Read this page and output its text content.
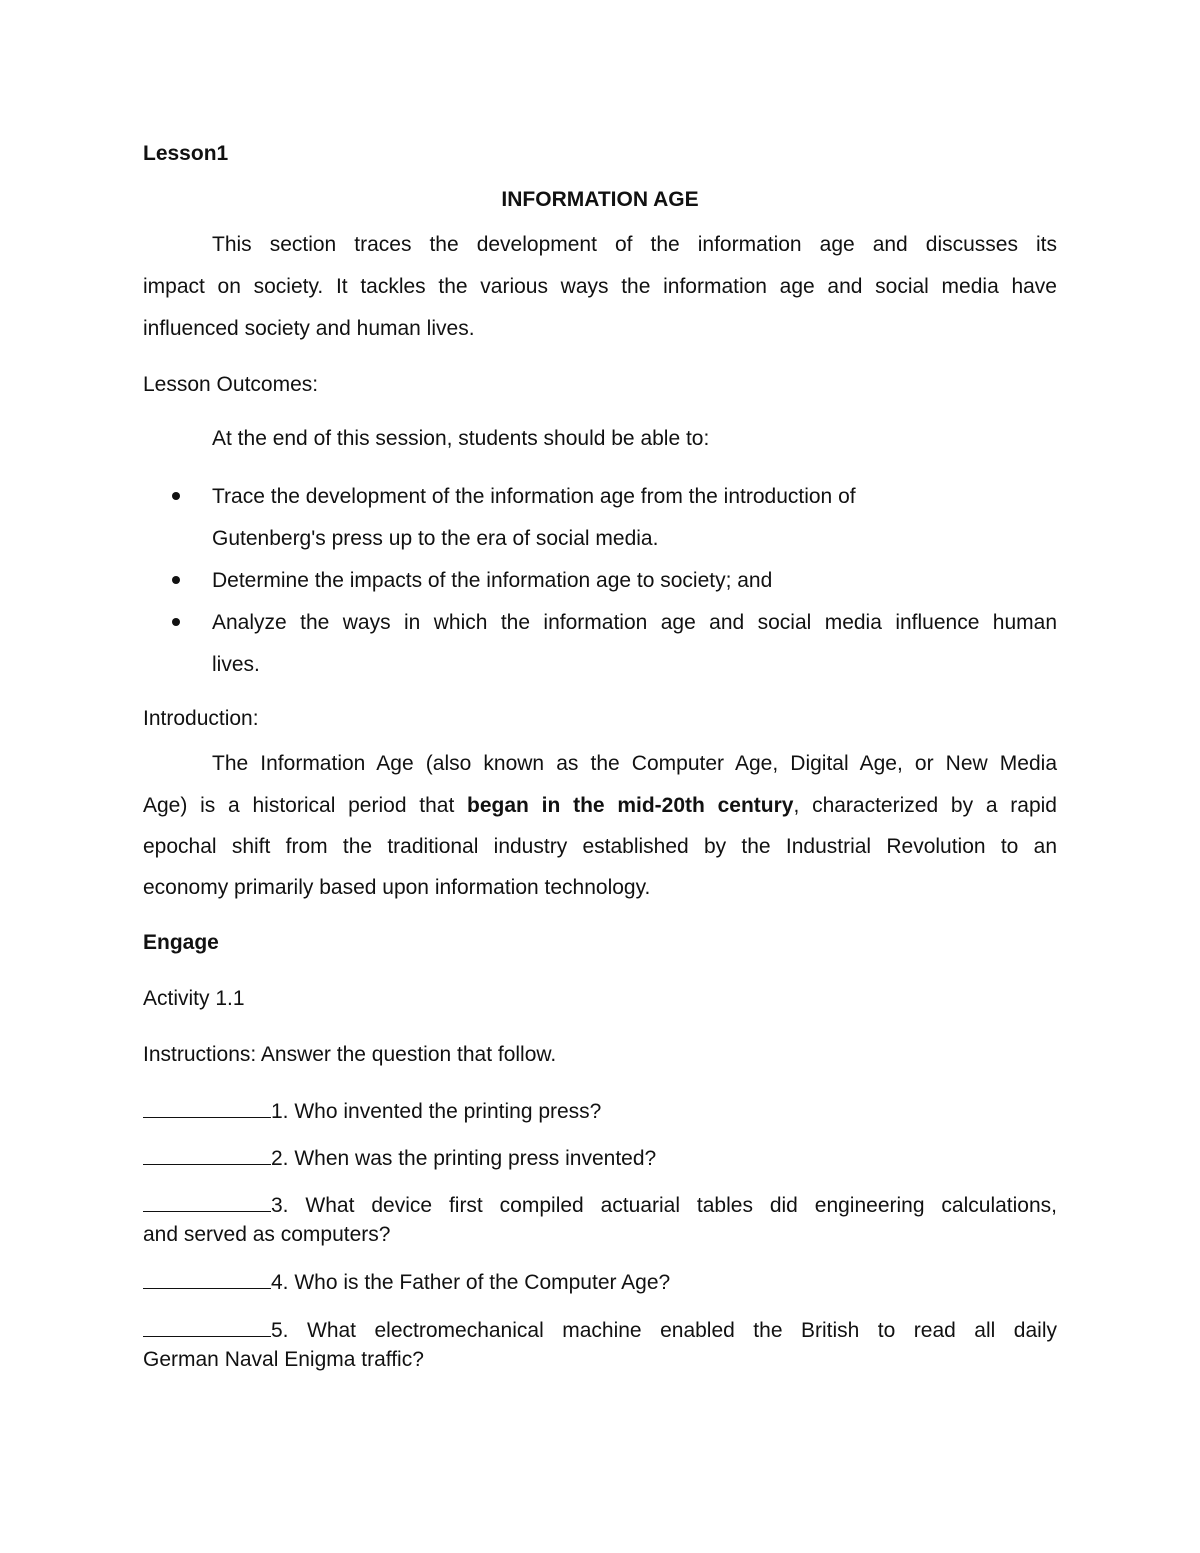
Lesson1
INFORMATION AGE
This section traces the development of the information age and discusses its
impact on society. It tackles the various ways the information age and social media have
influenced society and human lives.
Lesson Outcomes:
At the end of this session, students should be able to:
Trace the development of the information age from the introduction of
Gutenberg's press up to the era of social media.
Determine the impacts of the information age to society; and
Analyze the ways in which the information age and social media influence human
lives.
Introduction:
The Information Age (also known as the Computer Age, Digital Age, or New Media
Age) is a historical period that began in the mid-20th century, characterized by a rapid
epochal shift from the traditional industry established by the Industrial Revolution to an
economy primarily based upon information technology.
Engage
Activity 1.1
Instructions: Answer the question that follow.
1. Who invented the printing press?
2. When was the printing press invented?
3. What device first compiled actuarial tables did engineering calculations,
and served as computers?
4. Who is the Father of the Computer Age?
5. What electromechanical machine enabled the British to read all daily
German Naval Enigma traffic?
